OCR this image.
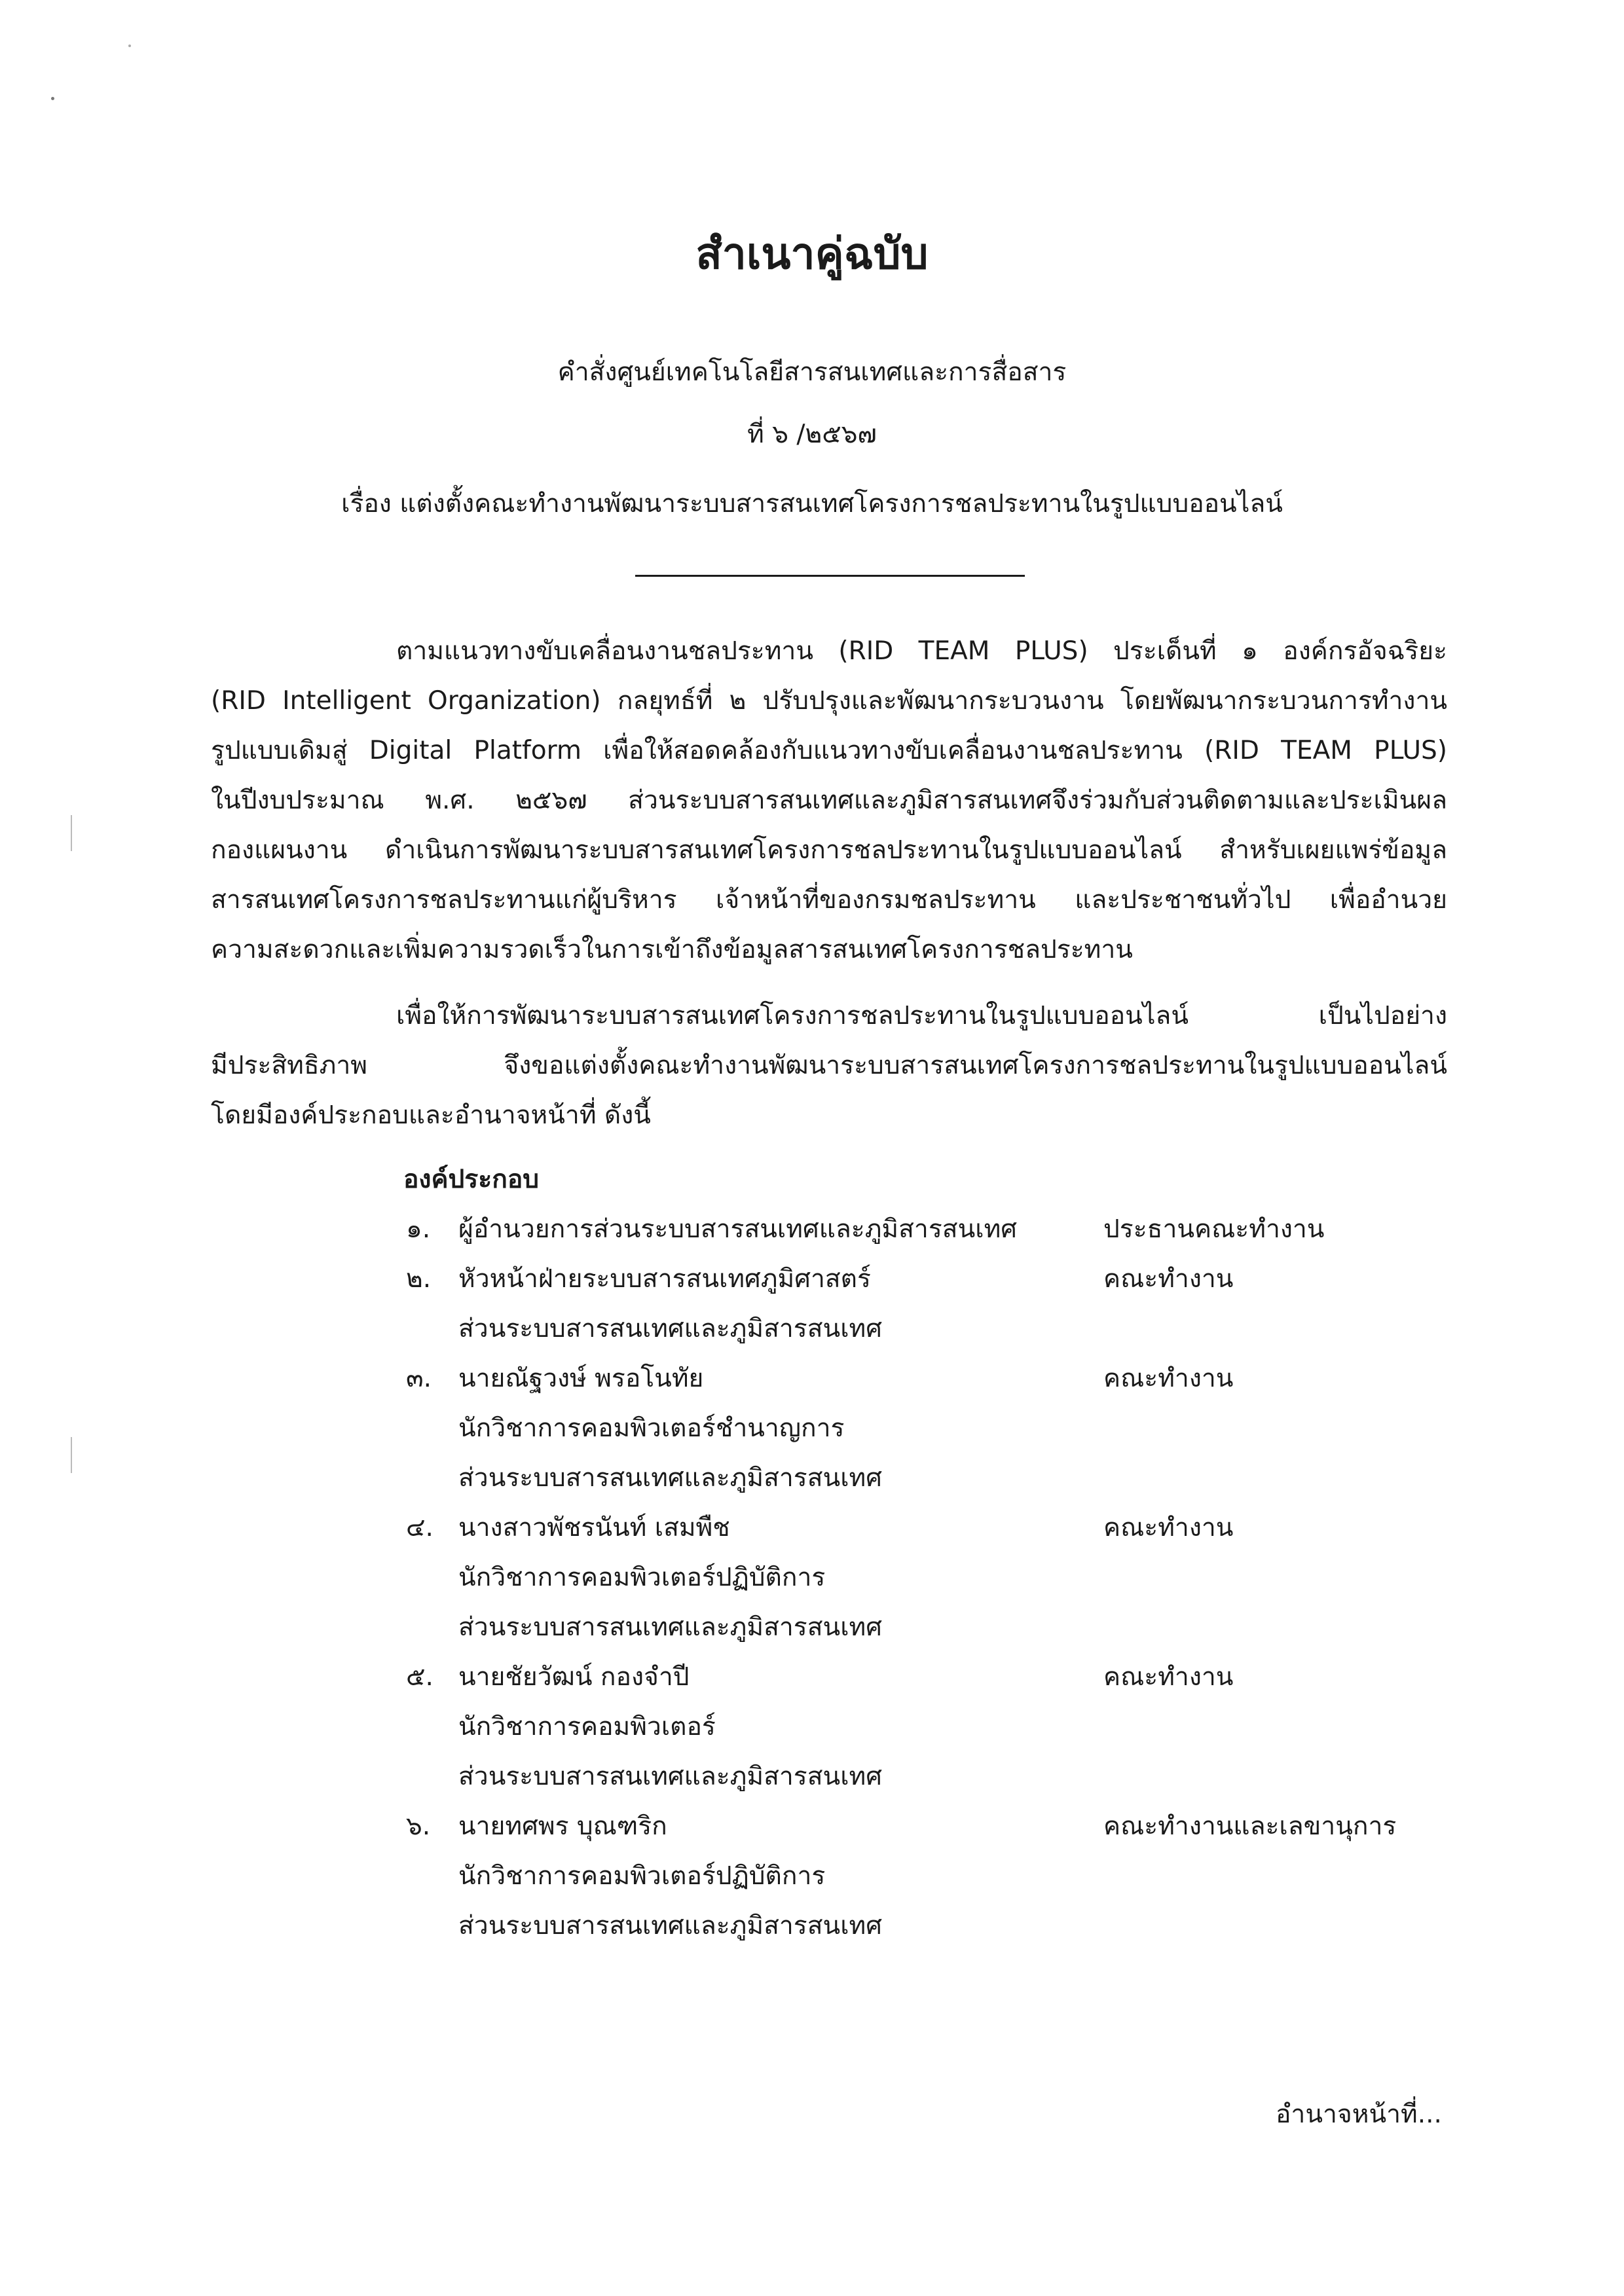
สำเนาคู่ฉบับ
คำสั่งศูนย์เทคโนโลยีสารสนเทศและการสื่อสาร
ที่ ๖ /๒๕๖๗
เรื่อง แต่งตั้งคณะทำงานพัฒนาระบบสารสนเทศโครงการชลประทานในรูปแบบออนไลน์
ตามแนวทางขับเคลื่อนงานชลประทาน (RID TEAM PLUS) ประเด็นที่ ๑ องค์กรอัจฉริยะ
(RID Intelligent Organization) กลยุทธ์ที่ ๒ ปรับปรุงและพัฒนากระบวนงาน โดยพัฒนากระบวนการทำงาน
รูปแบบเดิมสู่ Digital Platform เพื่อให้สอดคล้องกับแนวทางขับเคลื่อนงานชลประทาน (RID TEAM PLUS)
ในปีงบประมาณ พ.ศ. ๒๕๖๗ ส่วนระบบสารสนเทศและภูมิสารสนเทศจึงร่วมกับส่วนติดตามและประเมินผล
กองแผนงาน ดำเนินการพัฒนาระบบสารสนเทศโครงการชลประทานในรูปแบบออนไลน์ สำหรับเผยแพร่ข้อมูล
สารสนเทศโครงการชลประทานแก่ผู้บริหาร เจ้าหน้าที่ของกรมชลประทาน และประชาชนทั่วไป เพื่ออำนวย
ความสะดวกและเพิ่มความรวดเร็วในการเข้าถึงข้อมูลสารสนเทศโครงการชลประทาน
เพื่อให้การพัฒนาระบบสารสนเทศโครงการชลประทานในรูปแบบออนไลน์ เป็นไปอย่าง
มีประสิทธิภาพ จึงขอแต่งตั้งคณะทำงานพัฒนาระบบสารสนเทศโครงการชลประทานในรูปแบบออนไลน์
โดยมีองค์ประกอบและอำนาจหน้าที่ ดังนี้
องค์ประกอบ
๑. ผู้อำนวยการส่วนระบบสารสนเทศและภูมิสารสนเทศ	ประธานคณะทำงาน
๒. หัวหน้าฝ่ายระบบสารสนเทศภูมิศาสตร์
ส่วนระบบสารสนเทศและภูมิสารสนเทศ
คณะทำงาน
๓. นายณัฐวงษ์ พรอโนทัย
นักวิชาการคอมพิวเตอร์ชำนาญการ
ส่วนระบบสารสนเทศและภูมิสารสนเทศ
คณะทำงาน
๔. นางสาวพัชรนันท์ เสมพืช
นักวิชาการคอมพิวเตอร์ปฏิบัติการ
ส่วนระบบสารสนเทศและภูมิสารสนเทศ
คณะทำงาน
๕. นายชัยวัฒน์ กองจำปี
นักวิชาการคอมพิวเตอร์
ส่วนระบบสารสนเทศและภูมิสารสนเทศ
คณะทำงาน
๖. นายทศพร บุณฑริก
นักวิชาการคอมพิวเตอร์ปฏิบัติการ
ส่วนระบบสารสนเทศและภูมิสารสนเทศ
คณะทำงานและเลขานุการ
อำนาจหน้าที่...
